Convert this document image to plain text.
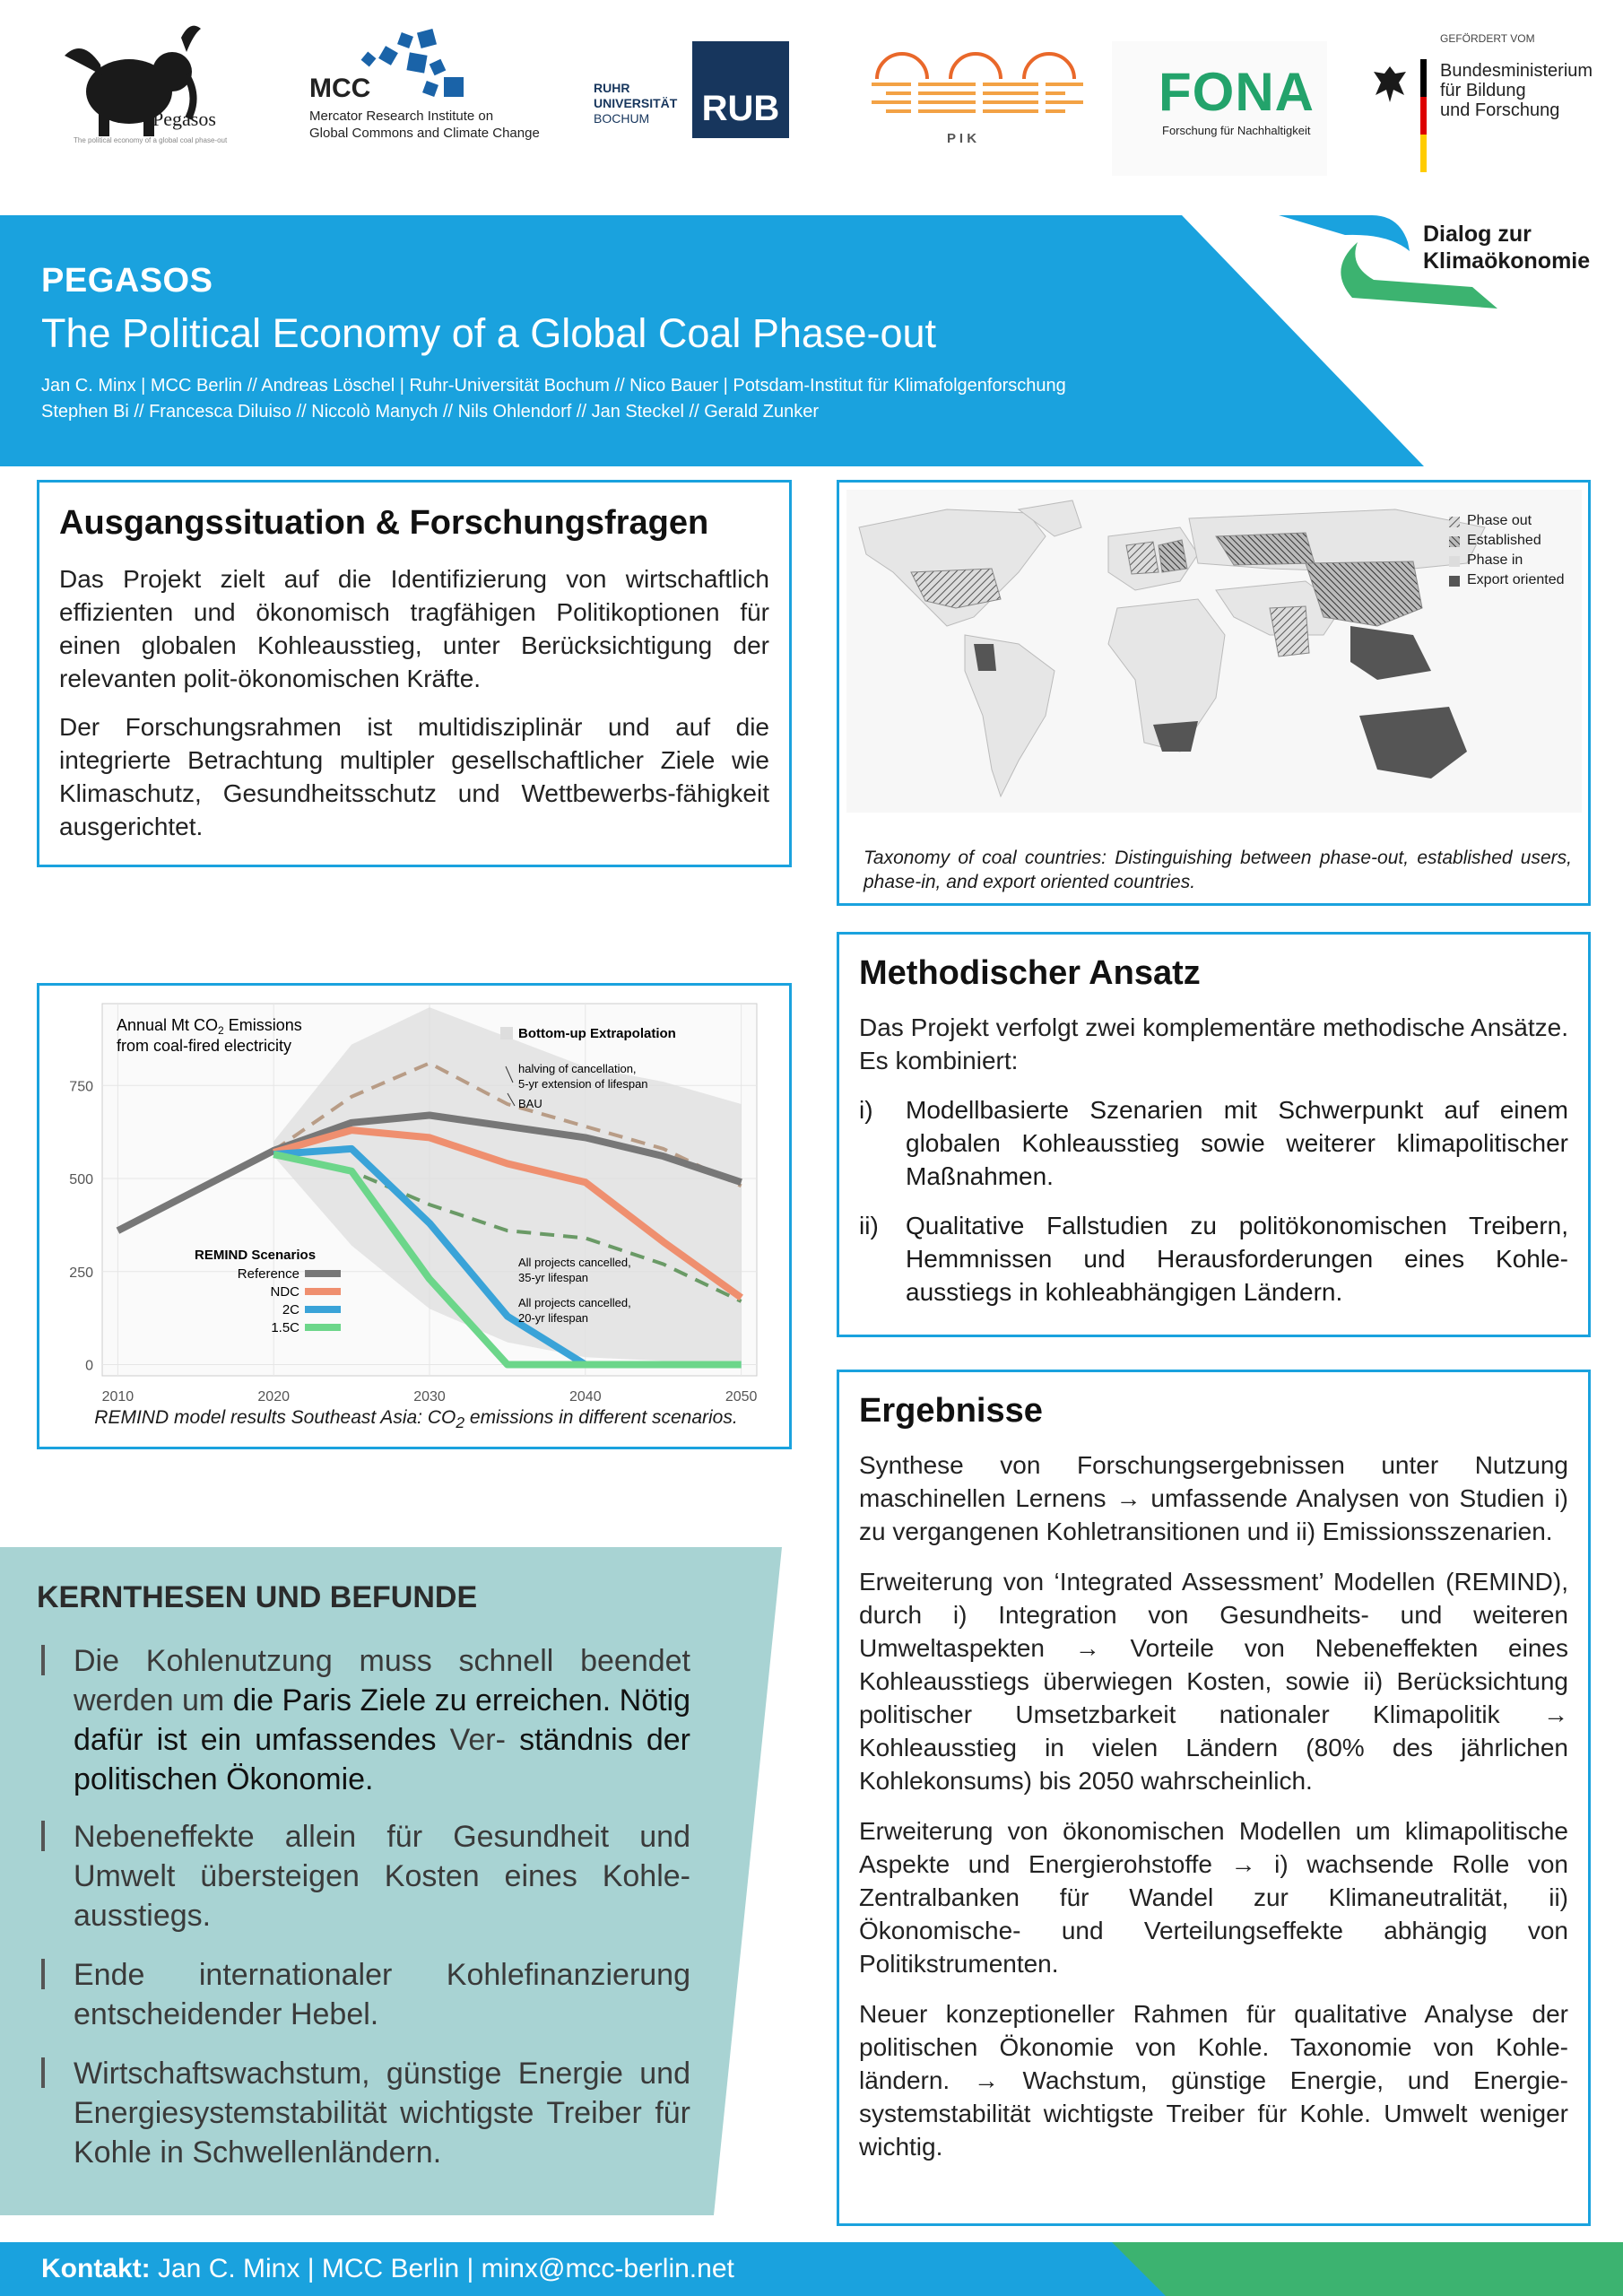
Pegasos
The political economy of a global coal phase-out
MCC
Mercator Research Institute on
Global Commons and Climate Change
RUHR
UNIVERSITÄT
BOCHUM	RUB
P I K
FONA
Forschung für Nachhaltigkeit
GEFÖRDERT VOM
Bundesministerium
für Bildung
und Forschung
PEGASOS
The Political Economy of a Global Coal Phase-out
Jan C. Minx | MCC Berlin // Andreas Löschel | Ruhr-Universität Bochum // Nico Bauer | Potsdam-Institut für Klimafolgenforschung
Stephen Bi // Francesca Diluiso // Niccolò Manych // Nils Ohlendorf // Jan Steckel // Gerald Zunker
Dialog zur
Klimaökonomie
Ausgangssituation & Forschungsfragen

Das Projekt zielt auf die Identifizierung von wirtschaftlich effizienten und ökonomisch tragfähigen Politikoptionen für einen globalen Kohleausstieg, unter Berücksichtigung der relevanten polit-ökonomischen Kräfte.

Der Forschungsrahmen ist multidisziplinär und auf die integrierte Betrachtung multipler gesellschaftlicher Ziele wie Klimaschutz, Gesundheitsschutz und Wettbewerbs-fähigkeit ausgerichtet.

Phase out
Established
Phase in
Export oriented
Taxonomy of coal countries: Distinguishing between phase-out, established users, phase-in, and export oriented countries.
Methodischer Ansatz

Das Projekt verfolgt zwei komplementäre methodische Ansätze. Es kombiniert:

i)	Modellbasierte Szenarien mit Schwerpunkt auf einem globalen Kohleausstieg sowie weiterer klimapolitischer Maßnahmen.
ii)	Qualitative Fallstudien zu politökonomischen Treibern, Hemmnissen und Herausforderungen eines Kohle-ausstiegs in kohleabhängigen Ländern.
2010	2020	2030	2040	2050
0
250
500
750
Annual Mt $CO_2$ Emissions
from coal-fired electricity
Bottom-up Extrapolation
halving of cancellation,
5-yr extension of lifespan
BAU
All projects cancelled,
35-yr lifespan
All projects cancelled,
20-yr lifespan
REMIND Scenarios
Reference
NDC
2C
1.5C
REMIND model results Southeast Asia: $CO_2$ emissions in different scenarios.	Ergebnisse

Synthese von Forschungsergebnissen unter Nutzung maschinellen Lernens → umfassende Analysen von Studien i) zu vergangenen Kohletransitionen und ii) Emissionsszenarien.

Erweiterung von ‘Integrated Assessment’ Modellen (REMIND), durch i) Integration von Gesundheits- und weiteren Umweltaspekten → Vorteile von Nebeneffekten eines Kohleausstiegs überwiegen Kosten, sowie ii) Berücksichtung politischer Umsetzbarkeit nationaler Klimapolitik → Kohleausstieg in vielen Ländern (80% des jährlichen Kohlekonsums) bis 2050 wahrscheinlich.

Erweiterung von ökonomischen Modellen um klimapolitische Aspekte und Energierohstoffe → i) wachsende Rolle von Zentralbanken für Wandel zur Klimaneutralität, ii) Ökonomische- und Verteilungseffekte abhängig von Politikstrumenten.

Neuer konzeptioneller Rahmen für qualitative Analyse der politischen Ökonomie von Kohle. Taxonomie von Kohle-ländern. → Wachstum, günstige Energie, und Energie-systemstabilität wichtigste Treiber für Kohle. Umwelt weniger wichtig.

KERNTHESEN UND BEFUNDE
Die Kohlenutzung muss schnell beendet werden um die Paris Ziele zu erreichen. Nötig dafür ist ein umfassendes Ver- ständnis der politischen Ökonomie.
Nebeneffekte allein für Gesundheit und Umwelt übersteigen Kosten eines Kohle-ausstiegs.
Ende internationaler Kohlefinanzierung entscheidender Hebel.
Wirtschaftswachstum, günstige Energie und Energiesystemstabilität wichtigste Treiber für Kohle in Schwellenländern.
Kontakt: Jan C. Minx | MCC Berlin | minx@mcc-berlin.net
